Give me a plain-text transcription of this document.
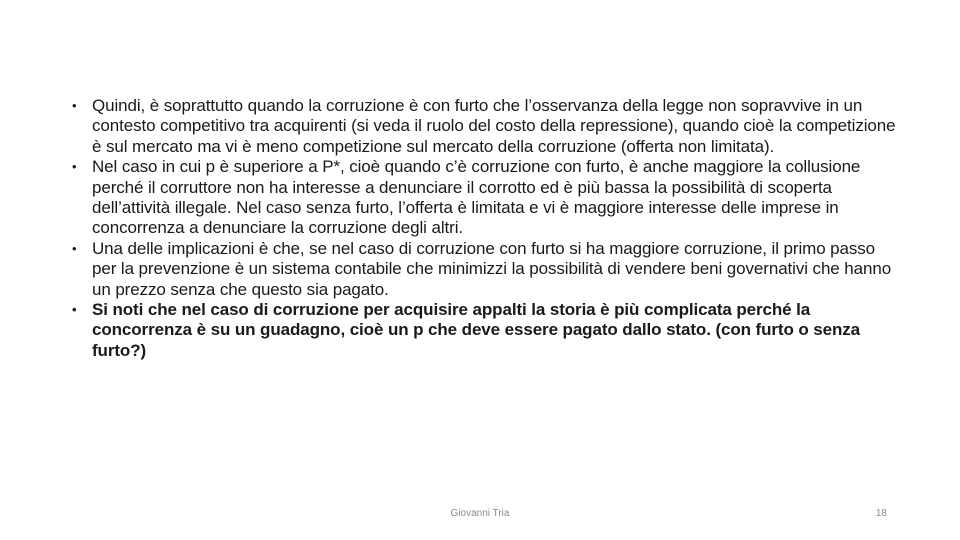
• Quindi, è soprattutto quando la corruzione è con furto che l’osservanza della legge non sopravvive in un contesto competitivo tra acquirenti (si veda il ruolo del costo della repressione), quando cioè la competizione è sul mercato ma vi è meno competizione sul mercato della corruzione (offerta non limitata).
• Nel caso in cui p è superiore a P*, cioè quando c’è corruzione con furto, è anche maggiore la collusione perché il corruttore non ha interesse a denunciare il corrotto ed è più bassa la possibilità di scoperta dell’attività illegale. Nel caso senza furto, l’offerta è limitata e vi è maggiore interesse delle imprese in concorrenza a denunciare la corruzione degli altri.
• Una delle implicazioni è che, se nel caso di corruzione con furto si ha maggiore corruzione, il primo passo per la prevenzione è un sistema contabile che minimizzi la possibilità di vendere beni governativi che hanno un prezzo senza che questo sia pagato.
• Si noti che nel caso di corruzione per acquisire appalti la storia è più complicata perché la concorrenza è su un guadagno, cioè un p che deve essere pagato dallo stato. (con furto o senza furto?)
Giovanni Tria	18
